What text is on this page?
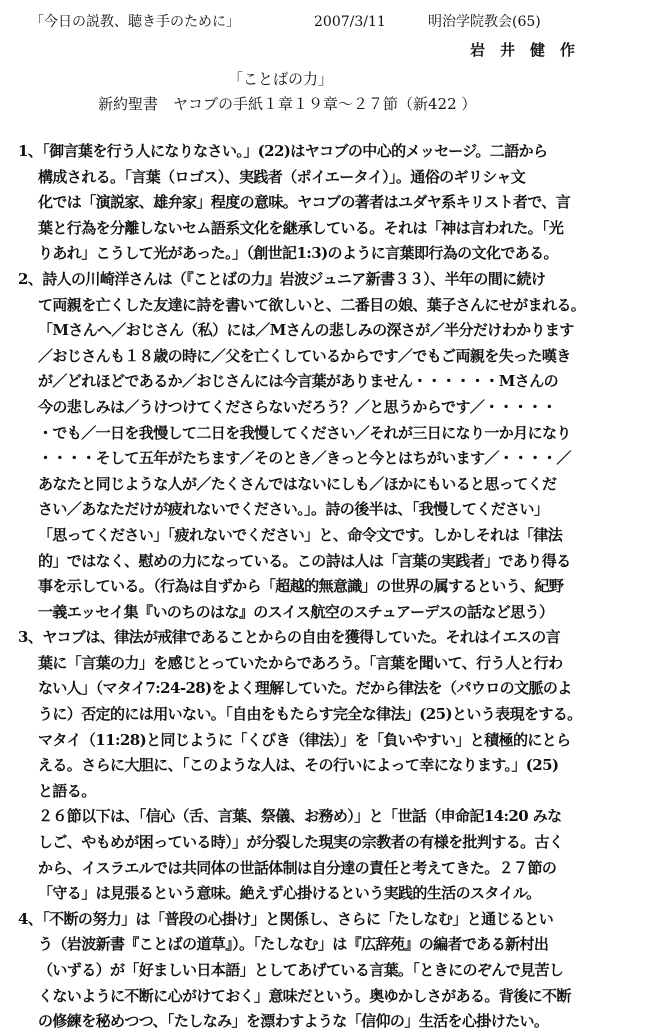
「今日の説教、聴き手のために」	2007/3/11	明治学院教会(65)
岩　井　健　作
「ことばの力」
新約聖書　ヤコブの手紙１章１９章～２７節（新422 ）
1、「御言葉を行う人になりなさい。」(22)はヤコブの中心的メッセージ。二語から
構成される。「言葉（ロゴス）、実践者（ポイエータイ）」。通俗のギリシャ文
化では「演説家、雄弁家」程度の意味。ヤコブの著者はユダヤ系キリスト者で、言
葉と行為を分離しないセム語系文化を継承している。それは「神は言われた。「光
りあれ」こうして光があった。」（創世記1:3)のように言葉即行為の文化である。
2、詩人の川崎洋さんは（『ことばの力』岩波ジュニア新書３３）、半年の間に続け
て両親を亡くした友達に詩を書いて欲しいと、二番目の娘、葉子さんにせがまれる。
「Mさんへ／おじさん（私）には／Mさんの悲しみの深さが／半分だけわかります
／おじさんも１８歳の時に／父を亡くしているからです／でもご両親を失った嘆き
が／どれほどであるか／おじさんには今言葉がありません・・・・・・Mさんの
今の悲しみは／うけつけてくださらないだろう？／と思うからです／・・・・・
・でも／一日を我慢して二日を我慢してください／それが三日になり一か月になり
・・・・そして五年がたちます／そのとき／きっと今とはちがいます／・・・・／
あなたと同じような人が／たくさんではないにしも／ほかにもいると思ってくだ
さい／あなただけが疲れないでください。」。詩の後半は、「我慢してください」
「思ってください」「疲れないでください」と、命令文です。しかしそれは「律法
的」ではなく、慰めの力になっている。この詩は人は「言葉の実践者」であり得る
事を示している。（行為は自ずから「超越的無意識」の世界の属するという、紀野
一義エッセイ集『いのちのはな』のスイス航空のスチュアーデスの話など思う）
3、ヤコブは、律法が戒律であることからの自由を獲得していた。それはイエスの言
葉に「言葉の力」を感じとっていたからであろう。「言葉を聞いて、行う人と行わ
ない人」（マタイ7:24-28)をよく理解していた。だから律法を（パウロの文脈のよ
うに）否定的には用いない。「自由をもたらす完全な律法」(25)という表現をする。
マタイ（11:28)と同じように「くびき（律法）」を「負いやすい」と積極的にとら
える。さらに大胆に、「このような人は、その行いによって幸になります。」(25)
と語る。
２６節以下は、「信心（舌、言葉、祭儀、お務め）」と「世話（申命記14:20 みな
しご、やもめが困っている時）」が分裂した現実の宗教者の有様を批判する。古く
から、イスラエルでは共同体の世話体制は自分達の責任と考えてきた。２７節の
「守る」は見張るという意味。絶えず心掛けるという実践的生活のスタイル。
4、「不断の努力」は「普段の心掛け」と関係し、さらに「たしなむ」と通じるとい
う（岩波新書『ことばの道草』）。「たしなむ」は『広辞苑』の編者である新村出
（いずる）が「好ましい日本語」としてあげている言葉。「ときにのぞんで見苦し
くないように不断に心がけておく」意味だという。奥ゆかしさがある。背後に不断
の修練を秘めつつ、「たしなみ」を漂わすような「信仰の」生活を心掛けたい。
